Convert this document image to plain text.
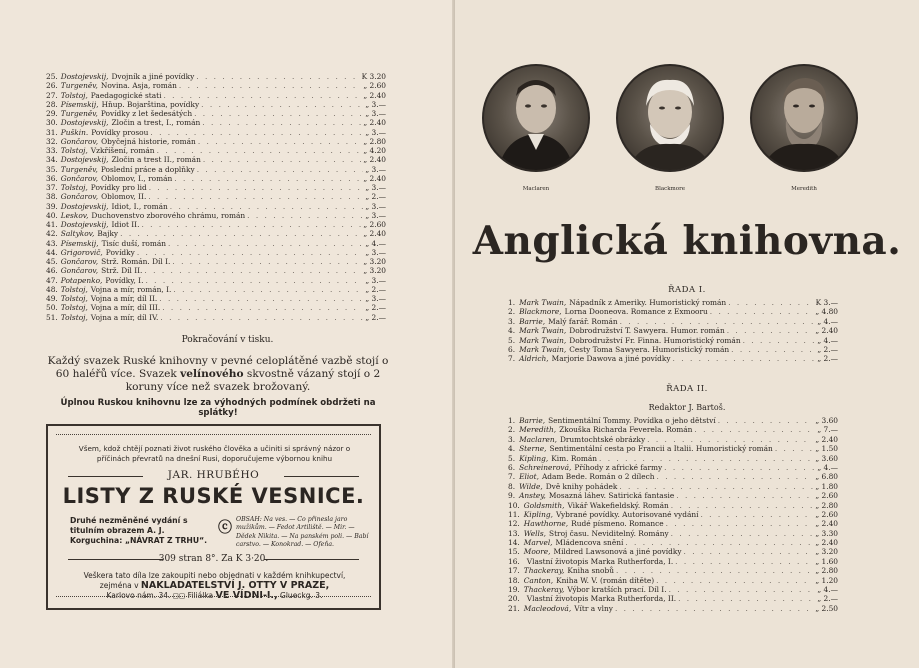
25. Dostojevskij, Dvojník a jiné povídky . . .	K 3.20
26. Turgeněv, Novina. Asja, román . . .	„ 2.60
27. Tolstoj, Paedagogické stati . . .	„ 2.40
28. Písemskij, Hňup. Bojarština, povídky . . .	„ 3.—
29. Turgeněv, Povídky z let šedesátých . . .	„ 3.—
30. Dostojevskij, Zločin a trest, I., román . . .	„ 2.40
31. Puškin. Povídky prosou . . .	„ 3.—
32. Gončarov, Obyčejná historie, román . . .	„ 2.80
33. Tolstoj, Vzkříšení, román . . .	„ 4.20
34. Dostojevskij, Zločin a trest II., román . . .	„ 2.40
35. Turgeněv, Poslední práce a doplňky . . .	„ 3.—
36. Gončarov, Oblomov, I., román . . .	„ 2.40
37. Tolstoj, Povídky pro lid . . .	„ 3.—
38. Gončarov, Oblomov, II. . . .	„ 2.—
39. Dostojevskij, Idiot, I., román . . .	„ 3.—
40. Leskov, Duchovenstvo zborového chrámu, román . . .	„ 3.—
41. Dostojevskij, Idiot II. . . .	„ 2.60
42. Saltykov, Bajky . . .	„ 2.40
43. Písemskij, Tisíc duší, román . . .	„ 4.—
44. Grigorovič, Povídky . . .	„ 3.—
45. Gončarov, Strž. Román. Díl I. . . .	„ 3.20
46. Gončarov, Strž. Díl II. . . .	„ 3.20
47. Potapenko, Povídky, I. . . .	„ 3.—
48. Tolstoj, Vojna a mír, román, I. . . .	„ 2.—
49. Tolstoj, Vojna a mír, díl II. . . .	„ 3.—
50. Tolstoj, Vojna a mír, díl III. . . .	„ 2.—
51. Tolstoj, Vojna a mír, díl IV. . . .	„ 2.—
Pokračování v tisku.
Každý svazek Ruské knihovny v pevné celoplátěné vazbě stojí o 60 haléřů více. Svazek velínového skvostně vázaný stojí o 2 koruny více než svazek brožovaný.
Úplnou Ruskou knihovnu lze za výhodných podmínek obdržeti na splátky!
Všem, kdož chtějí poznati život ruského člověka a učiniti si správný názor o příčinách převratů na dnešní Rusi, doporučujeme výbornou knihu
JAR. HRUBÉHO
LISTY Z RUSKÉ VESNICE.
Druhé nezměněné vydání s titulním obrazem A. J. Korguchina: „NÁVRAT Z TRHU“.
ⓒ
OBSAH: Na ves. — Co přinesla jaro mužikům. — Fedot Artiliště. — Mir. — Dědek Nikita. — Na panském poli. — Babí carstvo. — Konokrad. — Ofeňa.
309 stran 8°. Za K 3·20.
Veškera tato díla lze zakoupiti nebo objednati v každém knihkupectví, zejména v NAKLADATELSTVÍ J. OTTY V PRAZE,
Karlovo nám. 34. ◻◻ Filiálka VE VÍDNI-I., Glueckg. 3.
Maclaren	Blackmore	Meredith
Anglická knihovna.
ŘADA I.
1. Mark Twain, Nápadník z Ameriky. Humoristický román . . .	K 3.—
2. Blackmore, Lorna Dooneova. Romance z Exmooru . . .	„ 4.80
3. Barrie, Malý farář. Román . . .	„ 4.—
4. Mark Twain, Dobrodružství T. Sawyera. Humor. román . . .	„ 2.40
5. Mark Twain, Dobrodružství Fr. Finna. Humoristický román . . .	„ 4.—
6. Mark Twain, Cesty Toma Sawyera. Humoristický román . . .	„ 2.—
7. Aldrich, Marjorie Dawova a jiné povídky . . .	„ 2.—
ŘADA II.
Redaktor J. Bartoš.
1. Barrie, Sentimentální Tommy. Povídka o jeho dětství . . .	„ 3.60
2. Meredith, Zkouška Richarda Feverela. Román . . .	„ 7.—
3. Maclaren, Drumtochtské obrázky . . .	„ 2.40
4. Sterne, Sentimentální cesta po Francii a Italii. Humoristický román . . .	„ 1.50
5. Kipling, Kim. Román . . .	„ 3.60
6. Schreinerová, Příhody z africké farmy . . .	„ 4.—
7. Eliot, Adam Bede. Román o 2 dílech . . .	„ 6.80
8. Wilde, Dvě knihy pohádek . . .	„ 1.80
9. Anstey, Mosazná láhev. Satirická fantasie . . .	„ 2.60
10. Goldsmith, Vikář Wakefieldský. Román . . .	„ 2.80
11. Kipling, Vybrané povídky. Autorisované vydání . . .	„ 2.60
12. Hawthorne, Rudé písmeno. Romance . . .	„ 2.40
13. Wells, Stroj času. Neviditelný. Romány . . .	„ 3.30
14. Marvel, Mládencova snění . . .	„ 2.40
15. Moore, Mildred Lawsonová a jiné povídky . . .	„ 3.20
16. Vlastní životopis Marka Rutherforda, I. . . .	„ 1.60
17. Thackeray, Kniha snobů . . .	„ 2.80
18. Canton, Kniha W. V. (román dítěte) . . .	„ 1.20
19. Thackeray, Výbor kratších prací. Díl I. . . .	„ 4.—
20. Vlastní životopis Marka Rutherforda, II. . . .	„ 2.—
21. Macleodová, Vítr a vlny . . .	„ 2.50
